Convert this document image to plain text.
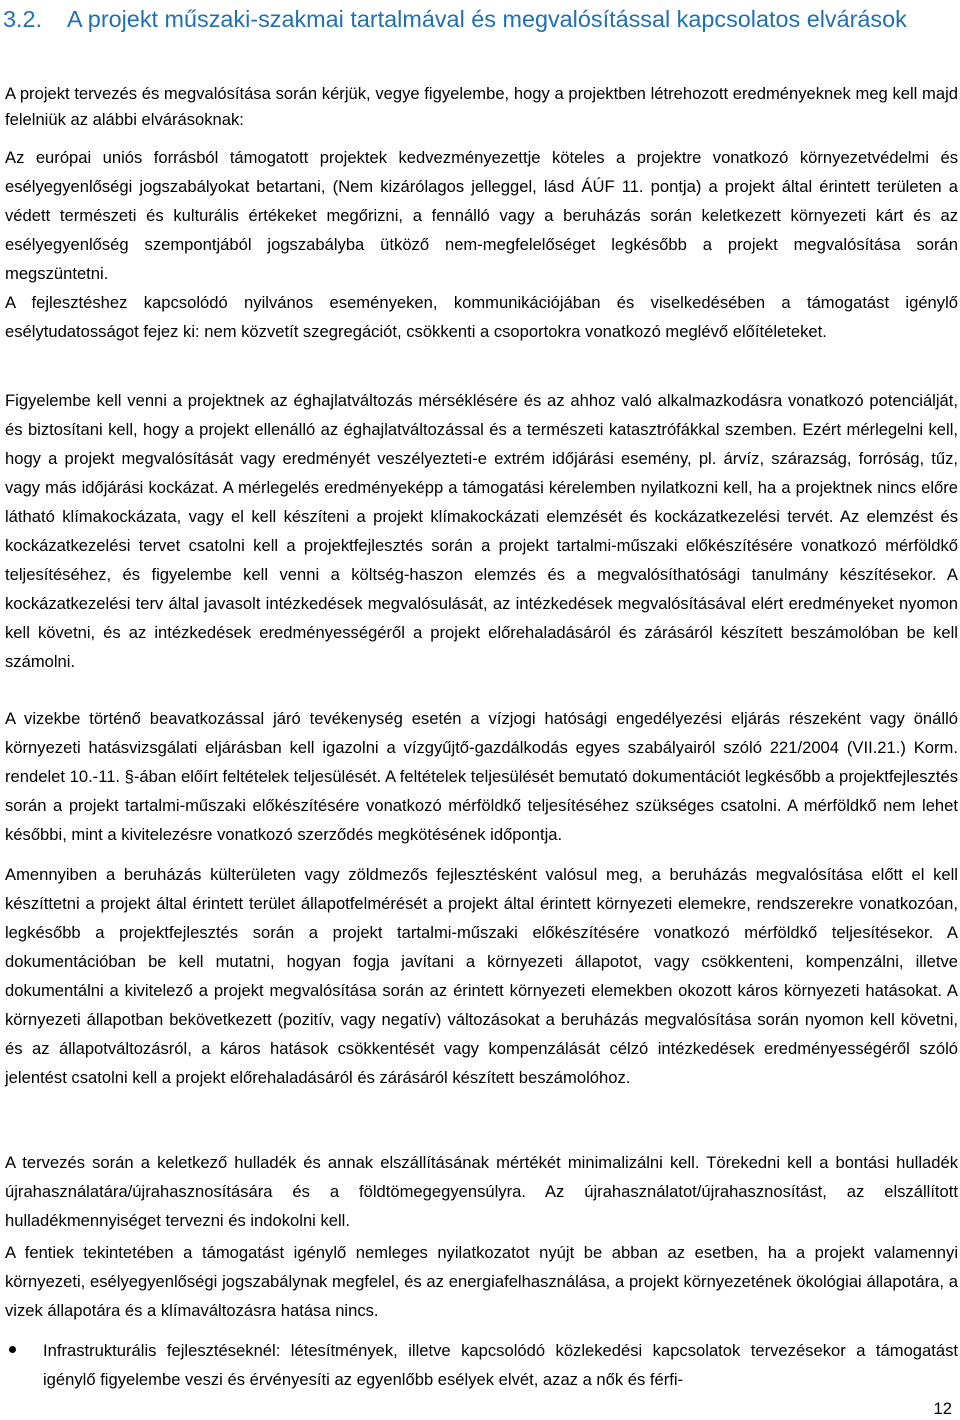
3.2. A projekt műszaki-szakmai tartalmával és megvalósítással kapcsolatos elvárások

A projekt tervezés és megvalósítása során kérjük, vegye figyelembe, hogy a projektben létrehozott eredményeknek meg kell majd felelniük az alábbi elvárásoknak:

Az európai uniós forrásból támogatott projektek kedvezményezettje köteles a projektre vonatkozó környezetvédelmi és esélyegyenlőségi jogszabályokat betartani, (Nem kizárólagos jelleggel, lásd ÁÚF 11. pontja) a projekt által érintett területen a védett természeti és kulturális értékeket megőrizni, a fennálló vagy a beruházás során keletkezett környezeti kárt és az esélyegyenlőség szempontjából jogszabályba ütköző nem-megfelelőséget legkésőbb a projekt megvalósítása során megszüntetni.

A fejlesztéshez kapcsolódó nyilvános eseményeken, kommunikációjában és viselkedésében a támogatást igénylő esélytudatosságot fejez ki: nem közvetít szegregációt, csökkenti a csoportokra vonatkozó meglévő előítéleteket.

Figyelembe kell venni a projektnek az éghajlatváltozás mérséklésére és az ahhoz való alkalmazkodásra vonatkozó potenciálját, és biztosítani kell, hogy a projekt ellenálló az éghajlatváltozással és a természeti katasztrófákkal szemben. Ezért mérlegelni kell, hogy a projekt megvalósítását vagy eredményét veszélyezteti-e extrém időjárási esemény, pl. árvíz, szárazság, forróság, tűz, vagy más időjárási kockázat. A mérlegelés eredményeképp a támogatási kérelemben nyilatkozni kell, ha a projektnek nincs előre látható klímakockázata, vagy el kell készíteni a projekt klímakockázati elemzését és kockázatkezelési tervét. Az elemzést és kockázatkezelési tervet csatolni kell a projektfejlesztés során a projekt tartalmi-műszaki előkészítésére vonatkozó mérföldkő teljesítéséhez, és figyelembe kell venni a költség-haszon elemzés és a megvalósíthatósági tanulmány készítésekor. A kockázatkezelési terv által javasolt intézkedések megvalósulását, az intézkedések megvalósításával elért eredményeket nyomon kell követni, és az intézkedések eredményességéről a projekt előrehaladásáról és zárásáról készített beszámolóban be kell számolni.

A vizekbe történő beavatkozással járó tevékenység esetén a vízjogi hatósági engedélyezési eljárás részeként vagy önálló környezeti hatásvizsgálati eljárásban kell igazolni a vízgyűjtő-gazdálkodás egyes szabályairól szóló 221/2004 (VII.21.) Korm. rendelet 10.-11. §-ában előírt feltételek teljesülését. A feltételek teljesülését bemutató dokumentációt legkésőbb a projektfejlesztés során a projekt tartalmi-műszaki előkészítésére vonatkozó mérföldkő teljesítéséhez szükséges csatolni. A mérföldkő nem lehet későbbi, mint a kivitelezésre vonatkozó szerződés megkötésének időpontja.

Amennyiben a beruházás külterületen vagy zöldmezős fejlesztésként valósul meg, a beruházás megvalósítása előtt el kell készíttetni a projekt által érintett terület állapotfelmérését a projekt által érintett környezeti elemekre, rendszerekre vonatkozóan, legkésőbb a projektfejlesztés során a projekt tartalmi-műszaki előkészítésére vonatkozó mérföldkő teljesítésekor. A dokumentációban be kell mutatni, hogyan fogja javítani a környezeti állapotot, vagy csökkenteni, kompenzálni, illetve dokumentálni a kivitelező a projekt megvalósítása során az érintett környezeti elemekben okozott káros környezeti hatásokat. A környezeti állapotban bekövetkezett (pozitív, vagy negatív) változásokat a beruházás megvalósítása során nyomon kell követni, és az állapotváltozásról, a káros hatások csökkentését vagy kompenzálását célzó intézkedések eredményességéről szóló jelentést csatolni kell a projekt előrehaladásáról és zárásáról készített beszámolóhoz.

A tervezés során a keletkező hulladék és annak elszállításának mértékét minimalizálni kell. Törekedni kell a bontási hulladék újrahasználatára/újrahasznosítására és a földtömegegyensúlyra. Az újrahasználatot/újrahasznosítást, az elszállított hulladékmennyiséget tervezni és indokolni kell.

A fentiek tekintetében a támogatást igénylő nemleges nyilatkozatot nyújt be abban az esetben, ha a projekt valamennyi környezeti, esélyegyenlőségi jogszabálynak megfelel, és az energiafelhasználása, a projekt környezetének ökológiai állapotára, a vizek állapotára és a klímaváltozásra hatása nincs.

Infrastrukturális fejlesztéseknél: létesítmények, illetve kapcsolódó közlekedési kapcsolatok tervezésekor a támogatást igénylő figyelembe veszi és érvényesíti az egyenlőbb esélyek elvét, azaz a nők és férfi-
12
